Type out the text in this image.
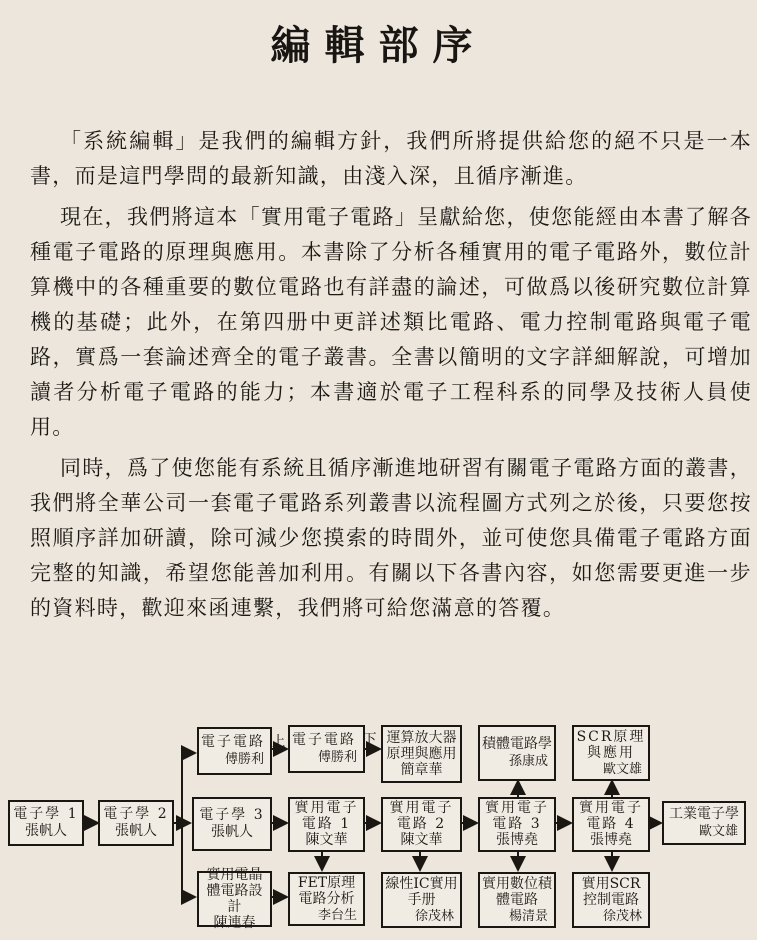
編輯部序

「系統編輯」是我們的編輯方針，我們所將提供給您的絕不只是一本書，而是這門學問的最新知識，由淺入深，且循序漸進。

現在，我們將這本「實用電子電路」呈獻給您，使您能經由本書了解各種電子電路的原理與應用。本書除了分析各種實用的電子電路外，數位計算機中的各種重要的數位電路也有詳盡的論述，可做爲以後研究數位計算機的基礎；此外，在第四册中更詳述類比電路、電力控制電路與電子電路，實爲一套論述齊全的電子叢書。全書以簡明的文字詳細解說，可增加讀者分析電子電路的能力；本書適於電子工程科系的同學及技術人員使用。

同時，爲了使您能有系統且循序漸進地研習有關電子電路方面的叢書，我們將全華公司一套電子電路系列叢書以流程圖方式列之於後，只要您按照順序詳加研讀，除可減少您摸索的時間外，並可使您具備電子電路方面完整的知識，希望您能善加利用。有關以下各書內容，如您需要更進一步的資料時，歡迎來函連繫，我們將可給您滿意的答覆。

電子學 1
張帆人
電子學 2
張帆人
電子學 3
張帆人
電子電路 上
傅勝利
電子電路 下
傅勝利
實用電子電路 1
陳文華
實用電晶體電路設計
陳連春
FET原理電路分析
李台生
運算放大器原理與應用
簡章華
實用電子電路 2
陳文華
線性IC實用手册
徐茂林
積體電路學
孫康成
實用電子電路 3
張博堯
實用數位積體電路
楊清景
SCR原理與應用
歐文雄
實用電子電路 4
張博堯
實用SCR控制電路
徐茂林
工業電子學
歐文雄
